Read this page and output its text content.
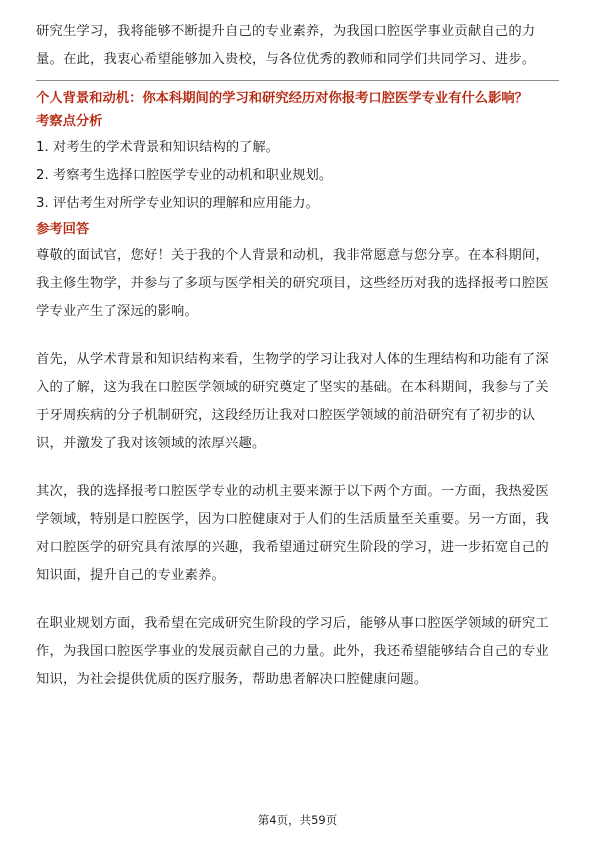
研究生学习，我将能够不断提升自己的专业素养，为我国口腔医学事业贡献自己的力量。在此，我衷心希望能够加入贵校，与各位优秀的教师和同学们共同学习、进步。

个人背景和动机：你本科期间的学习和研究经历对你报考口腔医学专业有什么影响？
考察点分析
1. 对考生的学术背景和知识结构的了解。
2. 考察考生选择口腔医学专业的动机和职业规划。
3. 评估考生对所学专业知识的理解和应用能力。
参考回答

尊敬的面试官，您好！关于我的个人背景和动机，我非常愿意与您分享。在本科期间，我主修生物学，并参与了多项与医学相关的研究项目，这些经历对我的选择报考口腔医学专业产生了深远的影响。

首先，从学术背景和知识结构来看，生物学的学习让我对人体的生理结构和功能有了深入的了解，这为我在口腔医学领域的研究奠定了坚实的基础。在本科期间，我参与了关于牙周疾病的分子机制研究，这段经历让我对口腔医学领域的前沿研究有了初步的认识，并激发了我对该领域的浓厚兴趣。

其次，我的选择报考口腔医学专业的动机主要来源于以下两个方面。一方面，我热爱医学领域，特别是口腔医学，因为口腔健康对于人们的生活质量至关重要。另一方面，我对口腔医学的研究具有浓厚的兴趣，我希望通过研究生阶段的学习，进一步拓宽自己的知识面，提升自己的专业素养。

在职业规划方面，我希望在完成研究生阶段的学习后，能够从事口腔医学领域的研究工作，为我国口腔医学事业的发展贡献自己的力量。此外，我还希望能够结合自己的专业知识，为社会提供优质的医疗服务，帮助患者解决口腔健康问题。

第4页，共59页
